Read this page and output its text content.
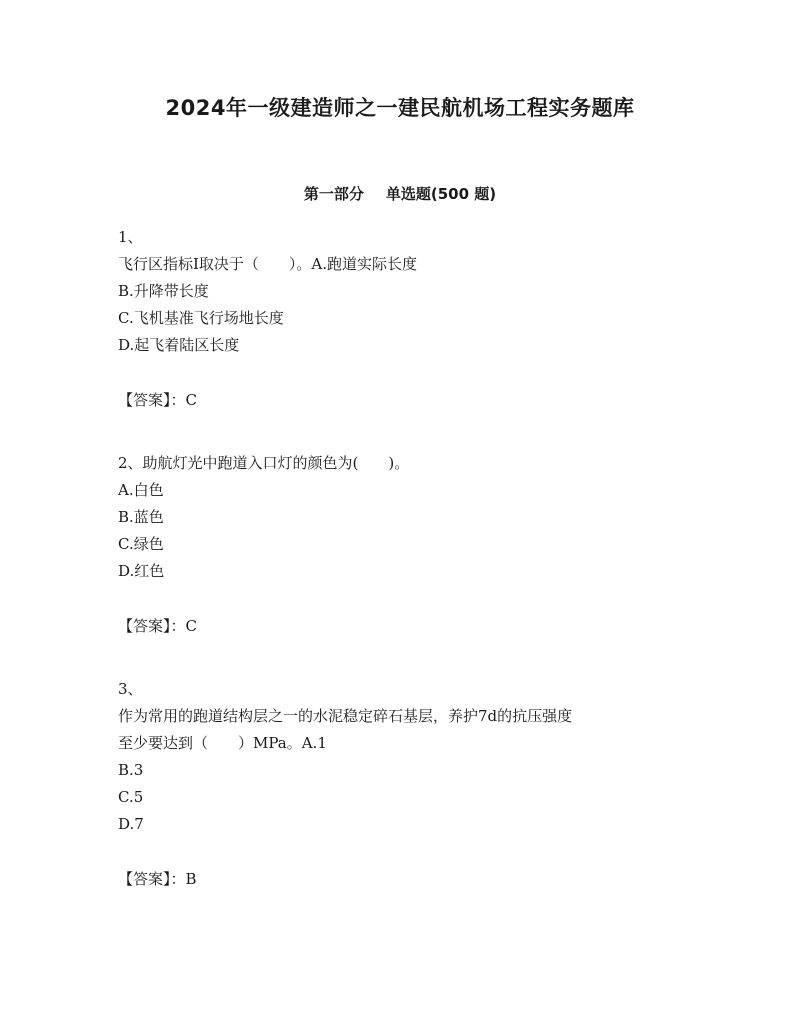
2024年一级建造师之一建民航机场工程实务题库
第一部分 单选题(500 题)
1、
飞行区指标Ⅰ取决于（　　）。A.跑道实际长度
B.升降带长度
C.飞机基准飞行场地长度
D.起飞着陆区长度
【答案】：C
2、助航灯光中跑道入口灯的颜色为(　　)。
A.白色
B.蓝色
C.绿色
D.红色
【答案】：C
3、
作为常用的跑道结构层之一的水泥稳定碎石基层，养护7d的抗压强度
至少要达到（　　）MPa。A.1
B.3
C.5
D.7
【答案】：B
